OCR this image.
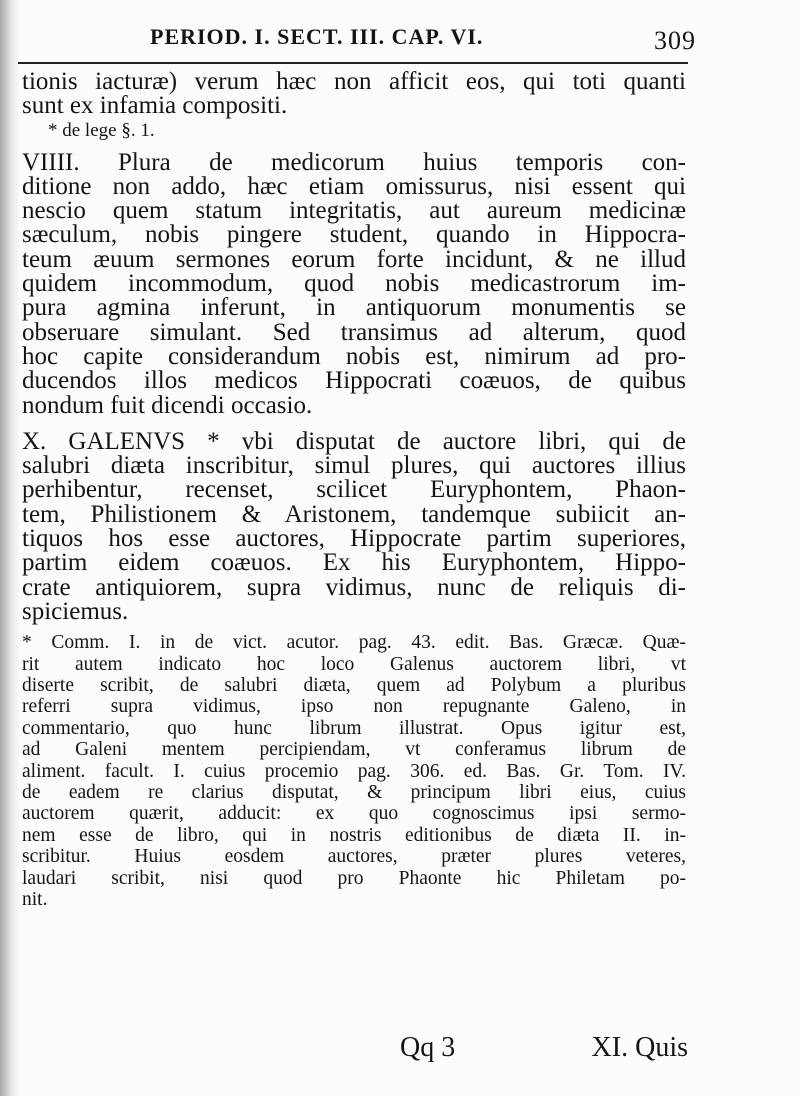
PERIOD. I. SECT. III. CAP. VI.	309
tionis iacturæ) verum hæc non afficit eos, qui toti quanti
sunt ex infamia compositi.
* de lege §. 1.
VIIII. Plura de medicorum huius temporis con-
ditione non addo, hæc etiam omissurus, nisi essent qui
nescio quem statum integritatis, aut aureum medicinæ
sæculum, nobis pingere student, quando in Hippocra-
teum æuum sermones eorum forte incidunt, & ne illud
quidem incommodum, quod nobis medicastrorum im-
pura agmina inferunt, in antiquorum monumentis se
obseruare simulant. Sed transimus ad alterum, quod
hoc capite considerandum nobis est, nimirum ad pro-
ducendos illos medicos Hippocrati coæuos, de quibus
nondum fuit dicendi occasio.
X. GALENVS * vbi disputat de auctore libri, qui de
salubri diæta inscribitur, simul plures, qui auctores illius
perhibentur, recenset, scilicet Euryphontem, Phaon-
tem, Philistionem & Aristonem, tandemque subiicit an-
tiquos hos esse auctores, Hippocrate partim superiores,
partim eidem coæuos. Ex his Euryphontem, Hippo-
crate antiquiorem, supra vidimus, nunc de reliquis di-
spiciemus.
* Comm. I. in de vict. acutor. pag. 43. edit. Bas. Græcæ. Quæ-
rit autem indicato hoc loco Galenus auctorem libri, vt
diserte scribit, de salubri diæta, quem ad Polybum a pluribus
referri supra vidimus, ipso non repugnante Galeno, in
commentario, quo hunc librum illustrat. Opus igitur est,
ad Galeni mentem percipiendam, vt conferamus librum de
aliment. facult. I. cuius procemio pag. 306. ed. Bas. Gr. Tom. IV.
de eadem re clarius disputat, & principum libri eius, cuius
auctorem quærit, adducit: ex quo cognoscimus ipsi sermo-
nem esse de libro, qui in nostris editionibus de diæta II. in-
scribitur. Huius eosdem auctores, præter plures veteres,
laudari scribit, nisi quod pro Phaonte hic Philetam po-
nit.
Qq 3	XI. Quis
